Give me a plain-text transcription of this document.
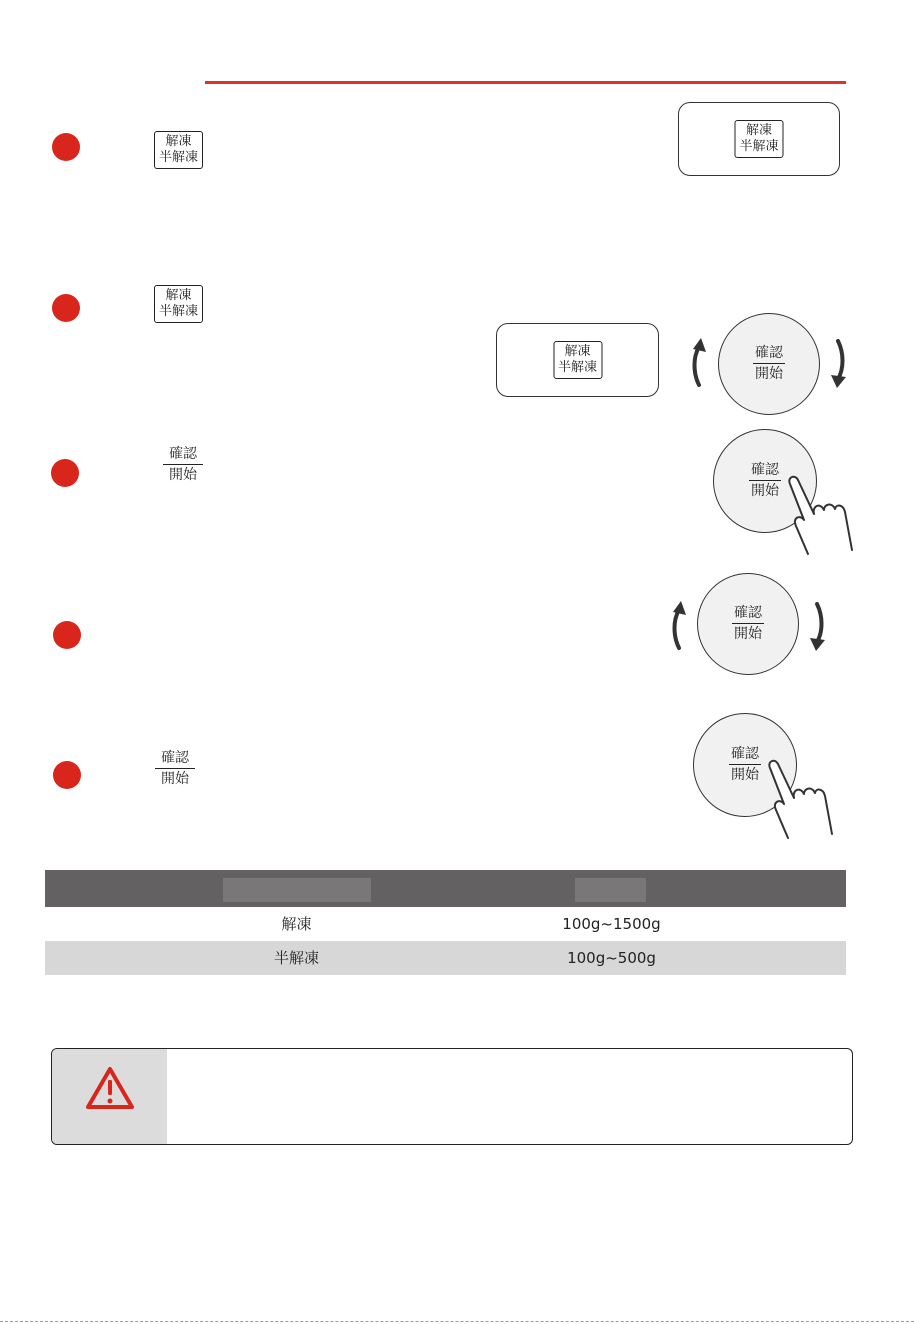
解凍
半解凍
解凍
半解凍
解凍
半解凍
解凍
半解凍
確認
開始
確認
開始	確認
開始
確認
開始
確認
開始
確認
開始
解凍	100g~1500g
半解凍	100g~500g
